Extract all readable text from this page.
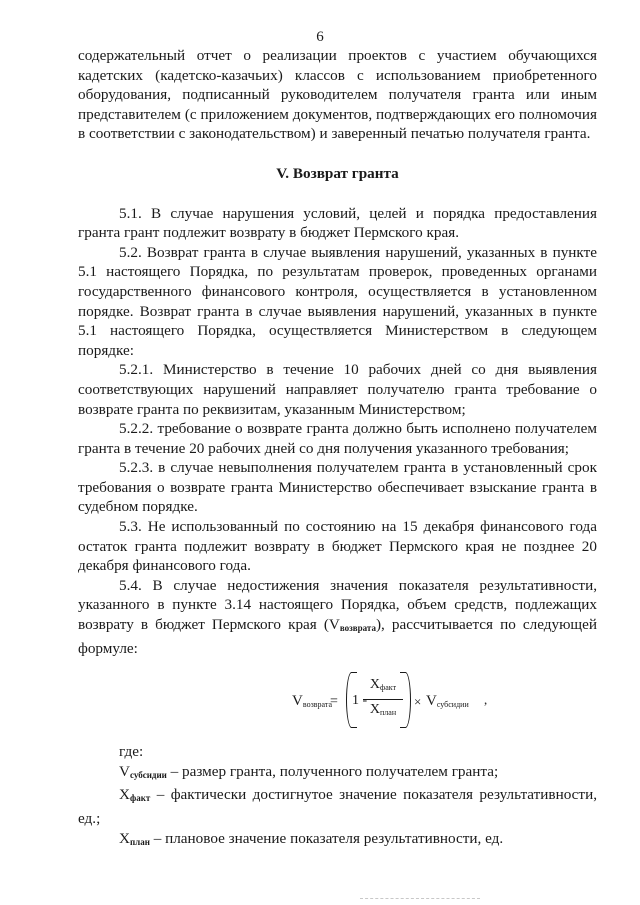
6

содержательный отчет о реализации проектов с участием обучающихся кадетских (кадетско-казачьих) классов с использованием приобретенного оборудования, подписанный руководителем получателя гранта или иным представителем (с приложением документов, подтверждающих его полномочия в соответствии с законодательством) и заверенный печатью получателя гранта.

V. Возврат гранта

5.1. В случае нарушения условий, целей и порядка предоставления гранта грант подлежит возврату в бюджет Пермского края.

5.2. Возврат гранта в случае выявления нарушений, указанных в пункте 5.1 настоящего Порядка, по результатам проверок, проведенных органами государственного финансового контроля, осуществляется в установленном порядке. Возврат гранта в случае выявления нарушений, указанных в пункте 5.1 настоящего Порядка, осуществляется Министерством в следующем порядке:

5.2.1. Министерство в течение 10 рабочих дней со дня выявления соответствующих нарушений направляет получателю гранта требование о возврате гранта по реквизитам, указанным Министерством;

5.2.2. требование о возврате гранта должно быть исполнено получателем гранта в течение 20 рабочих дней со дня получения указанного требования;

5.2.3. в случае невыполнения получателем гранта в установленный срок требования о возврате гранта Министерство обеспечивает взыскание гранта в судебном порядке.

5.3. Не использованный по состоянию на 15 декабря финансового года остаток гранта подлежит возврату в бюджет Пермского края не позднее 20 декабря финансового года.

5.4. В случае недостижения значения показателя результативности, указанного в пункте 3.14 настоящего Порядка, объем средств, подлежащих возврату в бюджет Пермского края (Vвозврата), рассчитывается по следующей формуле:

$V_{возврата}$
= 1 -
$X_{факт}$
$X_{план}$
× $V_{субсидии}$ ,

где:

Vсубсидии – размер гранта, полученного получателем гранта;

Xфакт – фактически достигнутое значение показателя результативности, ед.;

Xплан – плановое значение показателя результативности, ед.
